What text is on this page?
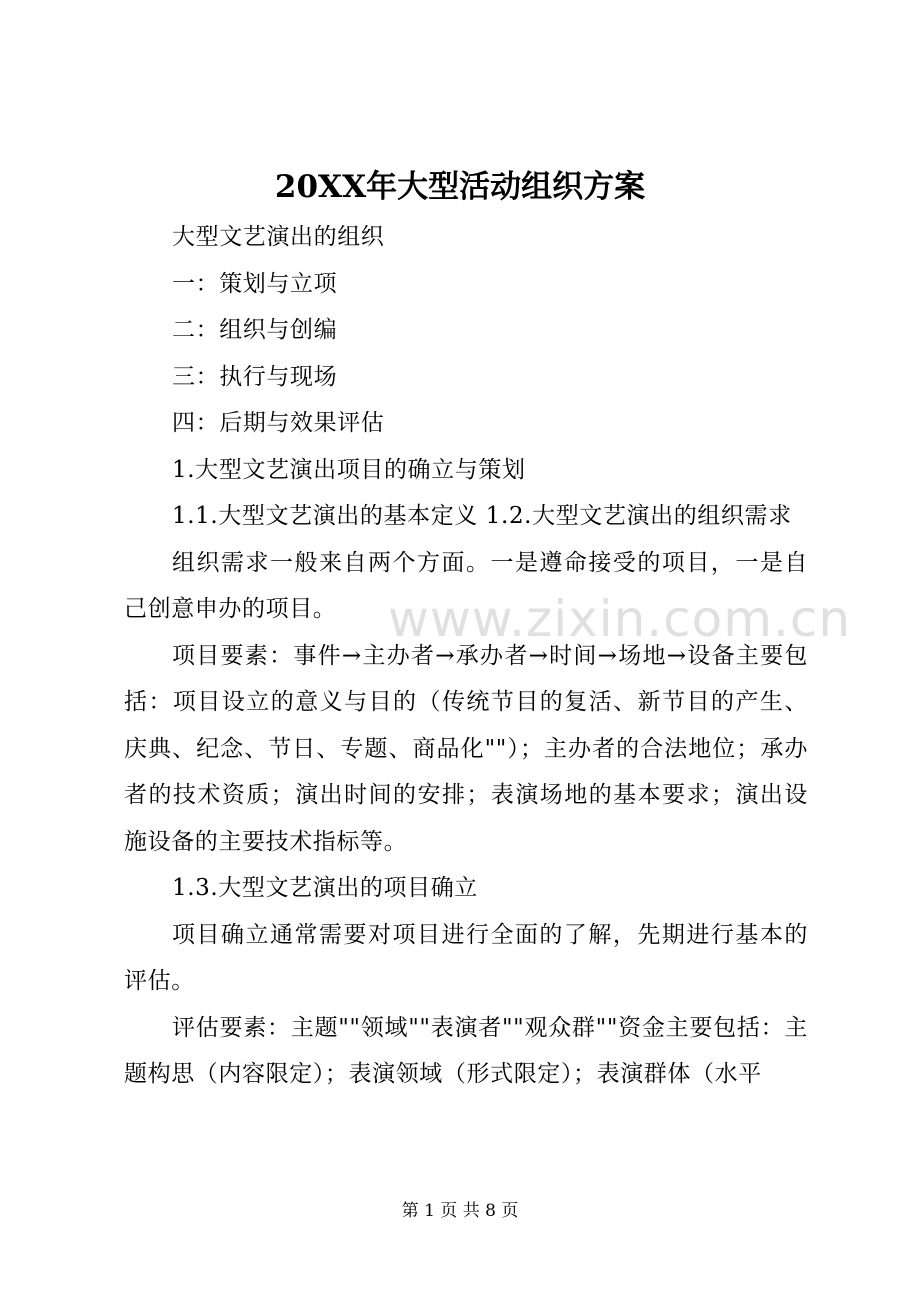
20XX年大型活动组织方案

大型文艺演出的组织

一：策划与立项

二：组织与创编

三：执行与现场

四：后期与效果评估

1.大型文艺演出项目的确立与策划

1.1.大型文艺演出的基本定义 1.2.大型文艺演出的组织需求

组织需求一般来自两个方面。一是遵命接受的项目，一是自己创意申办的项目。

项目要素：事件→主办者→承办者→时间→场地→设备主要包括：项目设立的意义与目的（传统节目的复活、新节目的产生、庆典、纪念、节日、专题、商品化""）；主办者的合法地位；承办者的技术资质；演出时间的安排；表演场地的基本要求；演出设施设备的主要技术指标等。

1.3.大型文艺演出的项目确立

项目确立通常需要对项目进行全面的了解，先期进行基本的评估。

评估要素：主题""领域""表演者""观众群""资金主要包括：主题构思（内容限定）；表演领域（形式限定）；表演群体（水平

www.zixin.com.cn
第 1 页 共 8 页
